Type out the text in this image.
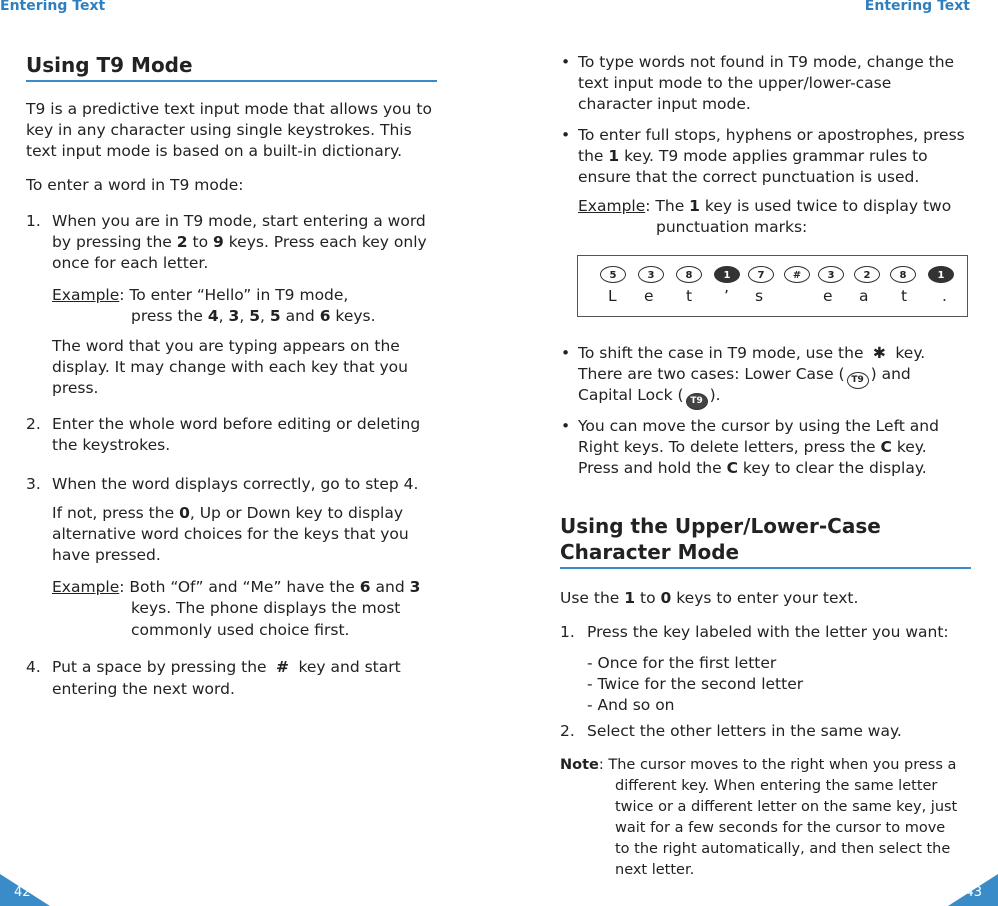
Entering Text	Entering Text
Using T9 Mode
T9 is a predictive text input mode that allows you to
key in any character using single keystrokes. This
text input mode is based on a built-in dictionary.
To enter a word in T9 mode:
1. When you are in T9 mode, start entering a word
by pressing the 2 to 9 keys. Press each key only
once for each letter.
Example: To enter “Hello” in T9 mode,
press the 4, 3, 5, 5 and 6 keys.
The word that you are typing appears on the
display. It may change with each key that you
press.
2. Enter the whole word before editing or deleting
the keystrokes.
3. When the word displays correctly, go to step 4.
If not, press the 0, Up or Down key to display
alternative word choices for the keys that you
have pressed.
Example: Both “Of” and “Me” have the 6 and 3
keys. The phone displays the most
commonly used choice first.
4. Put a space by pressing the # key and start
entering the next word.
42
• To type words not found in T9 mode, change the
text input mode to the upper/lower-case
character input mode.
• To enter full stops, hyphens or apostrophes, press
the 1 key. T9 mode applies grammar rules to
ensure that the correct punctuation is used.
Example: The 1 key is used twice to display two
punctuation marks:
5	3	8	1	7	#	3	2	8	1
L e t ’ s	e a t .
• To shift the case in T9 mode, use the ✱ key.
There are two cases: Lower Case ( T9 ) and
Capital Lock ( T9 ).
• You can move the cursor by using the Left and
Right keys. To delete letters, press the C key.
Press and hold the C key to clear the display.
Using the Upper/Lower-Case
Character Mode
Use the 1 to 0 keys to enter your text.
1. Press the key labeled with the letter you want:
- Once for the first letter
- Twice for the second letter
- And so on
2. Select the other letters in the same way.
Note: The cursor moves to the right when you press a
different key. When entering the same letter
twice or a different letter on the same key, just
wait for a few seconds for the cursor to move
to the right automatically, and then select the
next letter.
43
